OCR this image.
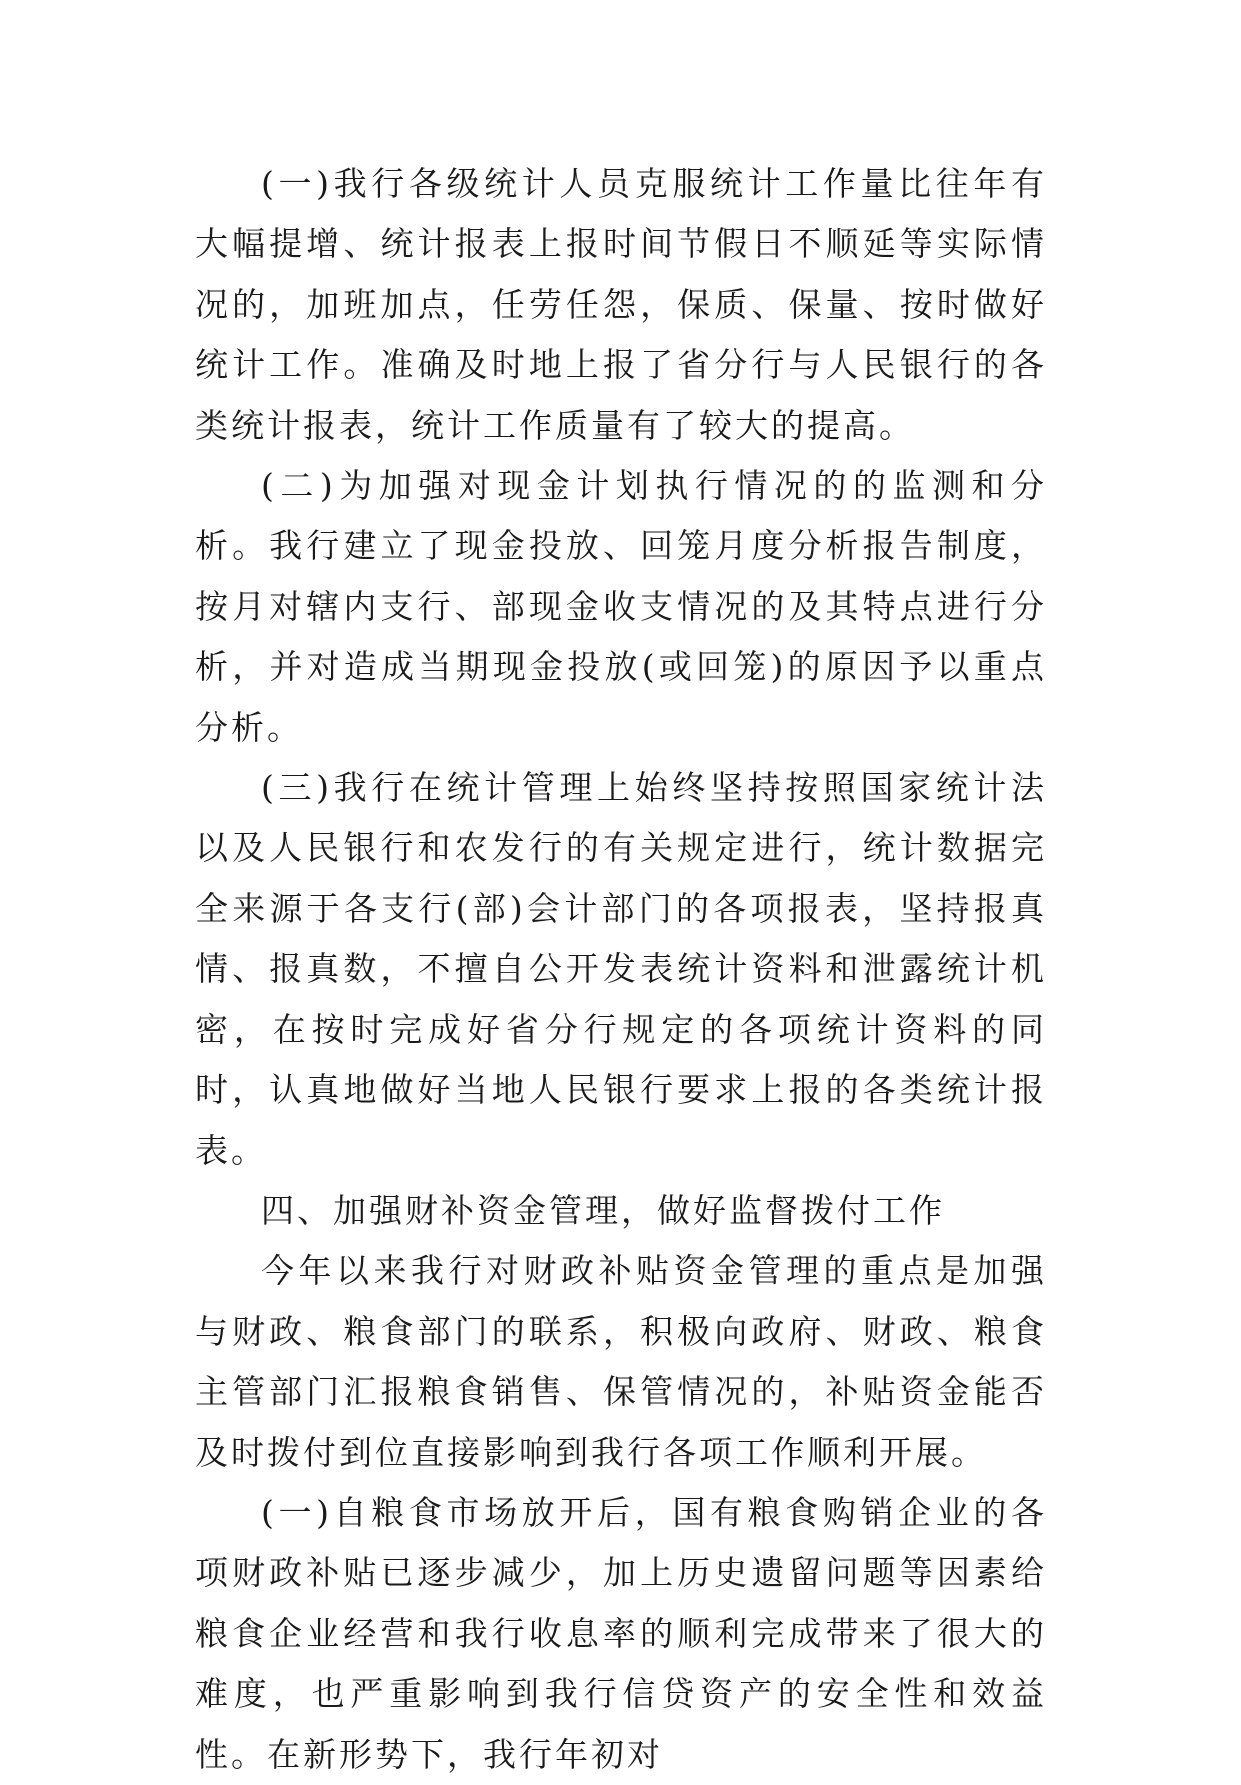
(一)我行各级统计人员克服统计工作量比往年有大幅提增、统计报表上报时间节假日不顺延等实际情况的，加班加点，任劳任怨，保质、保量、按时做好统计工作。准确及时地上报了省分行与人民银行的各类统计报表，统计工作质量有了较大的提高。

(二)为加强对现金计划执行情况的的监测和分析。我行建立了现金投放、回笼月度分析报告制度，按月对辖内支行、部现金收支情况的及其特点进行分析，并对造成当期现金投放(或回笼)的原因予以重点分析。

(三)我行在统计管理上始终坚持按照国家统计法以及人民银行和农发行的有关规定进行，统计数据完全来源于各支行(部)会计部门的各项报表，坚持报真情、报真数，不擅自公开发表统计资料和泄露统计机密，在按时完成好省分行规定的各项统计资料的同时，认真地做好当地人民银行要求上报的各类统计报表。

四、加强财补资金管理，做好监督拨付工作

今年以来我行对财政补贴资金管理的重点是加强与财政、粮食部门的联系，积极向政府、财政、粮食主管部门汇报粮食销售、保管情况的，补贴资金能否及时拨付到位直接影响到我行各项工作顺利开展。

(一)自粮食市场放开后，国有粮食购销企业的各项财政补贴已逐步减少，加上历史遗留问题等因素给粮食企业经营和我行收息率的顺利完成带来了很大的难度，也严重影响到我行信贷资产的安全性和效益性。在新形势下，我行年初对
